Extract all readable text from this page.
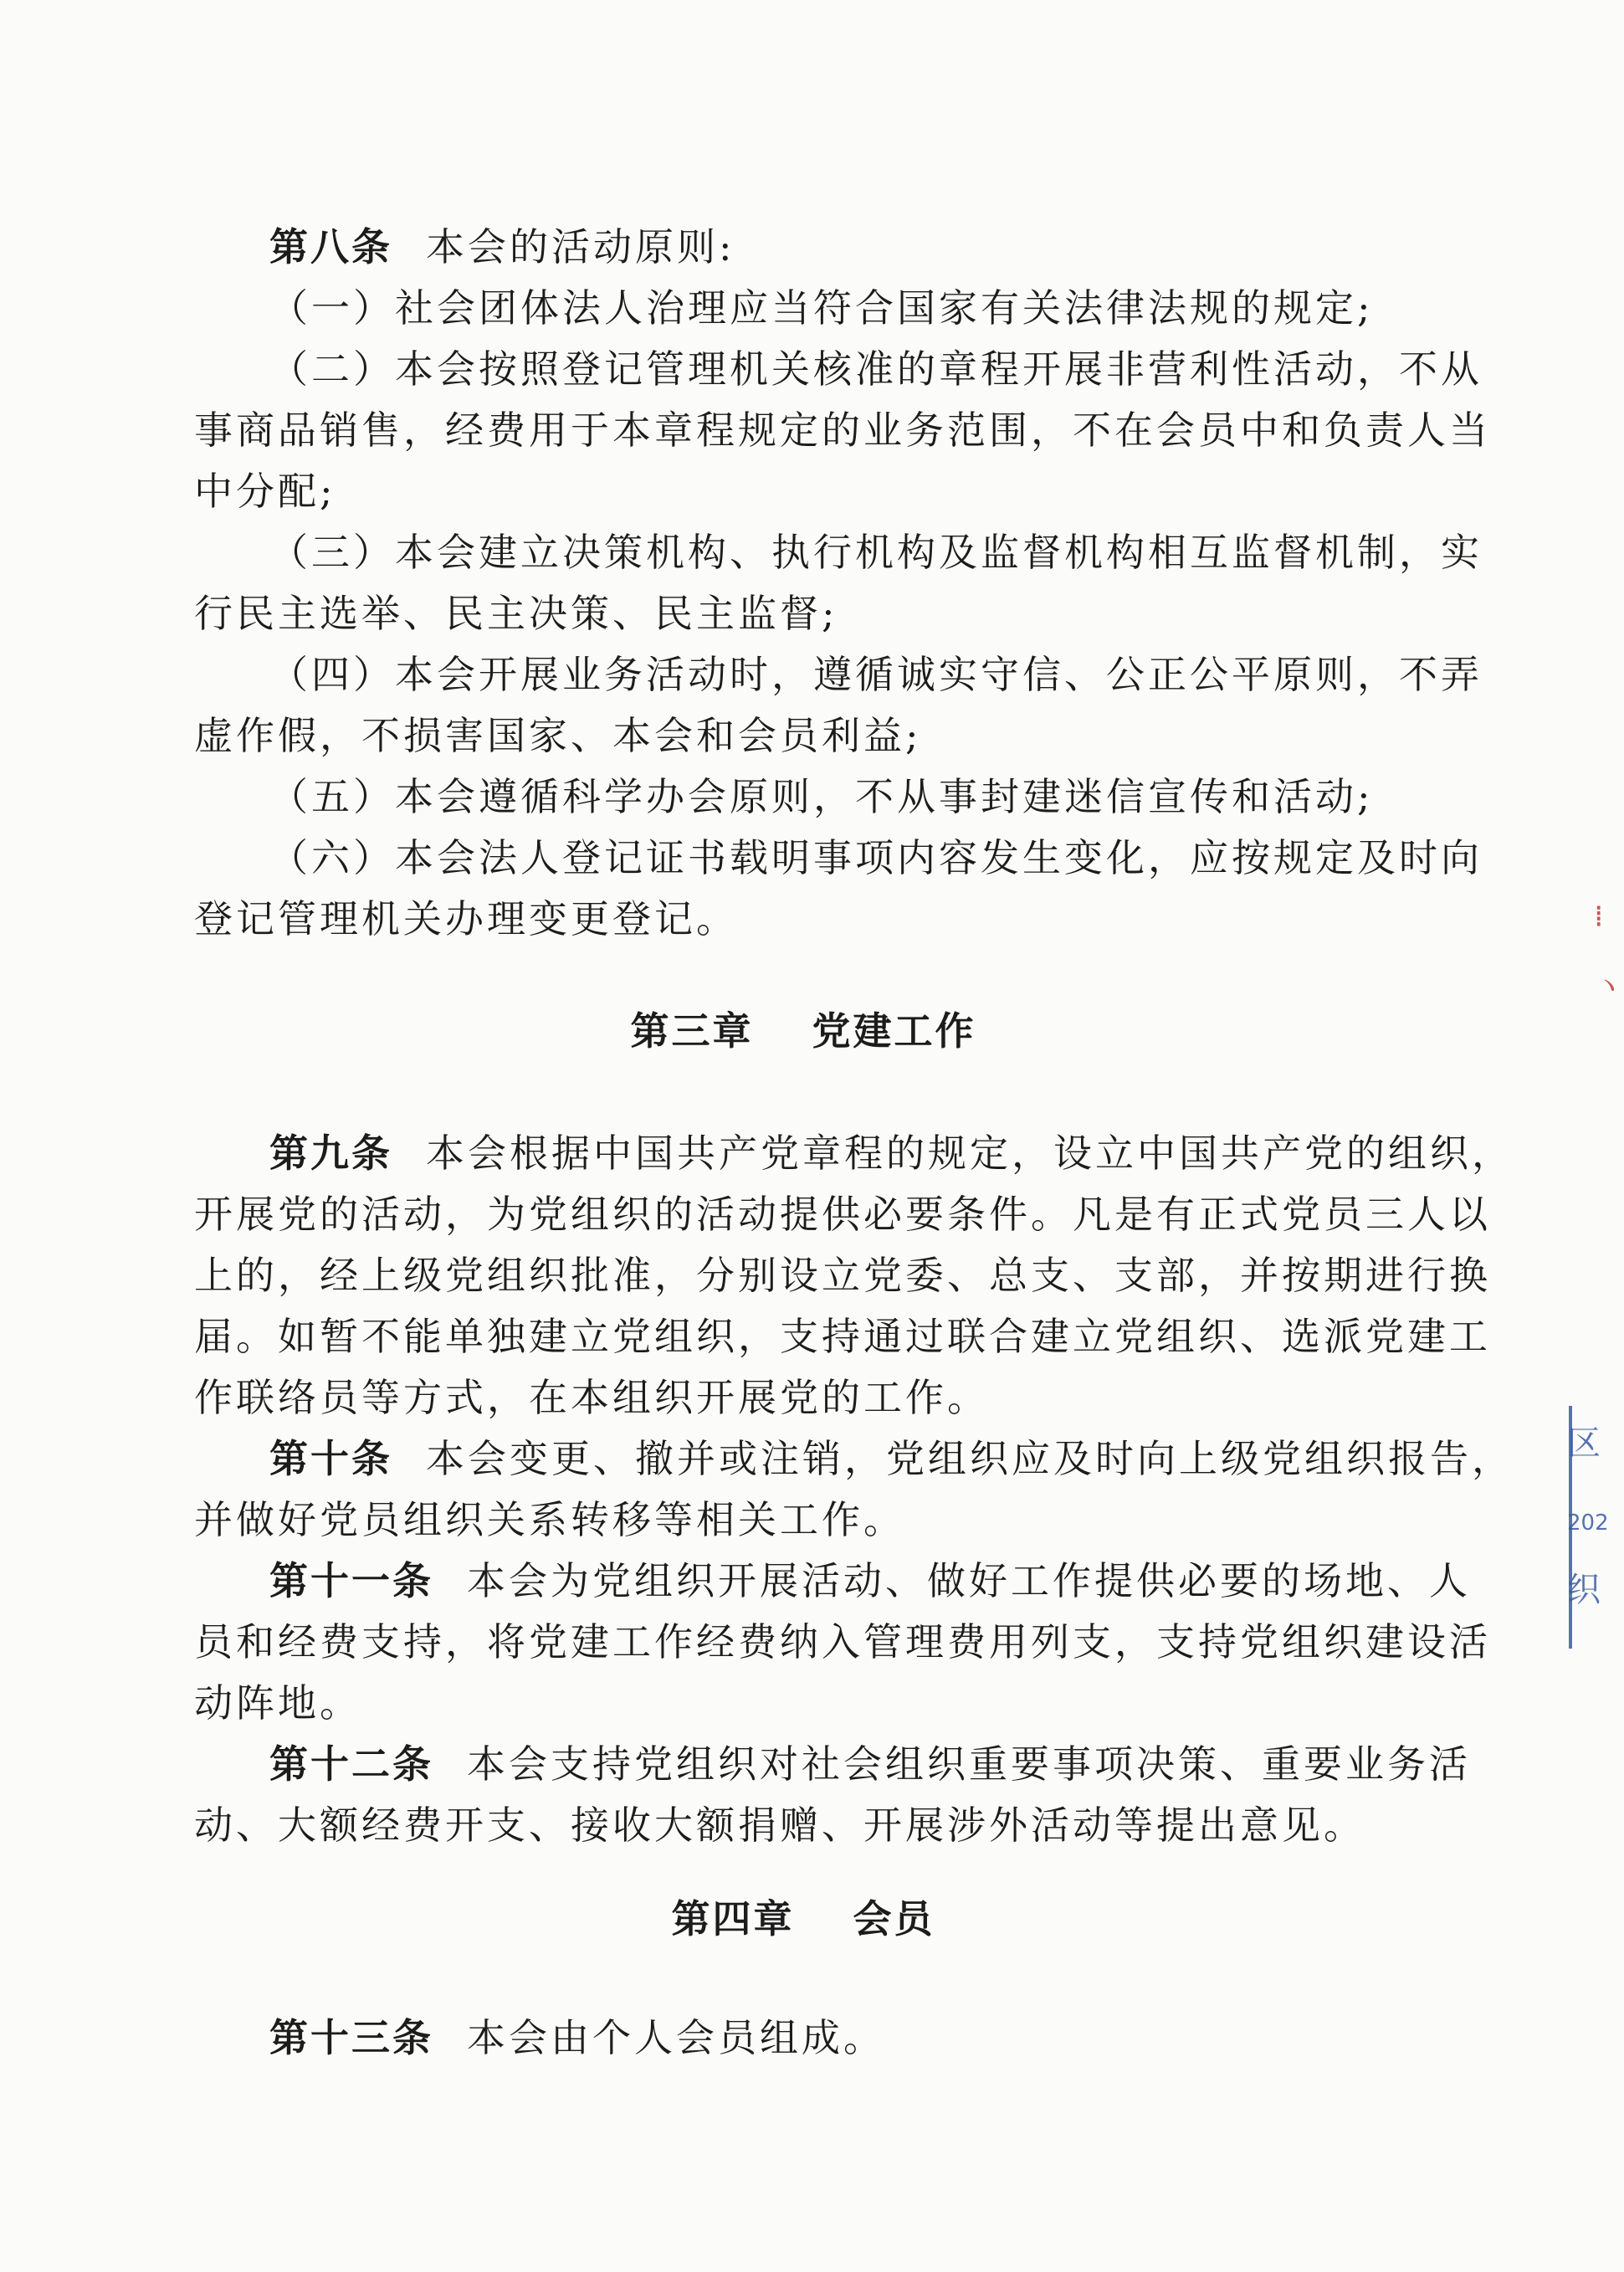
第八条 本会的活动原则:
（一）社会团体法人治理应当符合国家有关法律法规的规定;
（二）本会按照登记管理机关核准的章程开展非营利性活动，不从
事商品销售，经费用于本章程规定的业务范围，不在会员中和负责人当
中分配;
（三）本会建立决策机构、执行机构及监督机构相互监督机制，实
行民主选举、民主决策、民主监督;
（四）本会开展业务活动时，遵循诚实守信、公正公平原则，不弄
虚作假，不损害国家、本会和会员利益;
（五）本会遵循科学办会原则，不从事封建迷信宣传和活动;
（六）本会法人登记证书载明事项内容发生变化，应按规定及时向
登记管理机关办理变更登记。
第三章 党建工作
第九条 本会根据中国共产党章程的规定，设立中国共产党的组织，
开展党的活动，为党组织的活动提供必要条件。凡是有正式党员三人以
上的，经上级党组织批准，分别设立党委、总支、支部，并按期进行换
届。如暂不能单独建立党组织，支持通过联合建立党组织、选派党建工
作联络员等方式，在本组织开展党的工作。
第十条 本会变更、撤并或注销，党组织应及时向上级党组织报告，
并做好党员组织关系转移等相关工作。
第十一条 本会为党组织开展活动、做好工作提供必要的场地、人
员和经费支持，将党建工作经费纳入管理费用列支，支持党组织建设活
动阵地。
第十二条 本会支持党组织对社会组织重要事项决策、重要业务活
动、大额经费开支、接收大额捐赠、开展涉外活动等提出意见。
第四章 会员
第十三条 本会由个人会员组成。
⁞
ヽ
区
202
织
